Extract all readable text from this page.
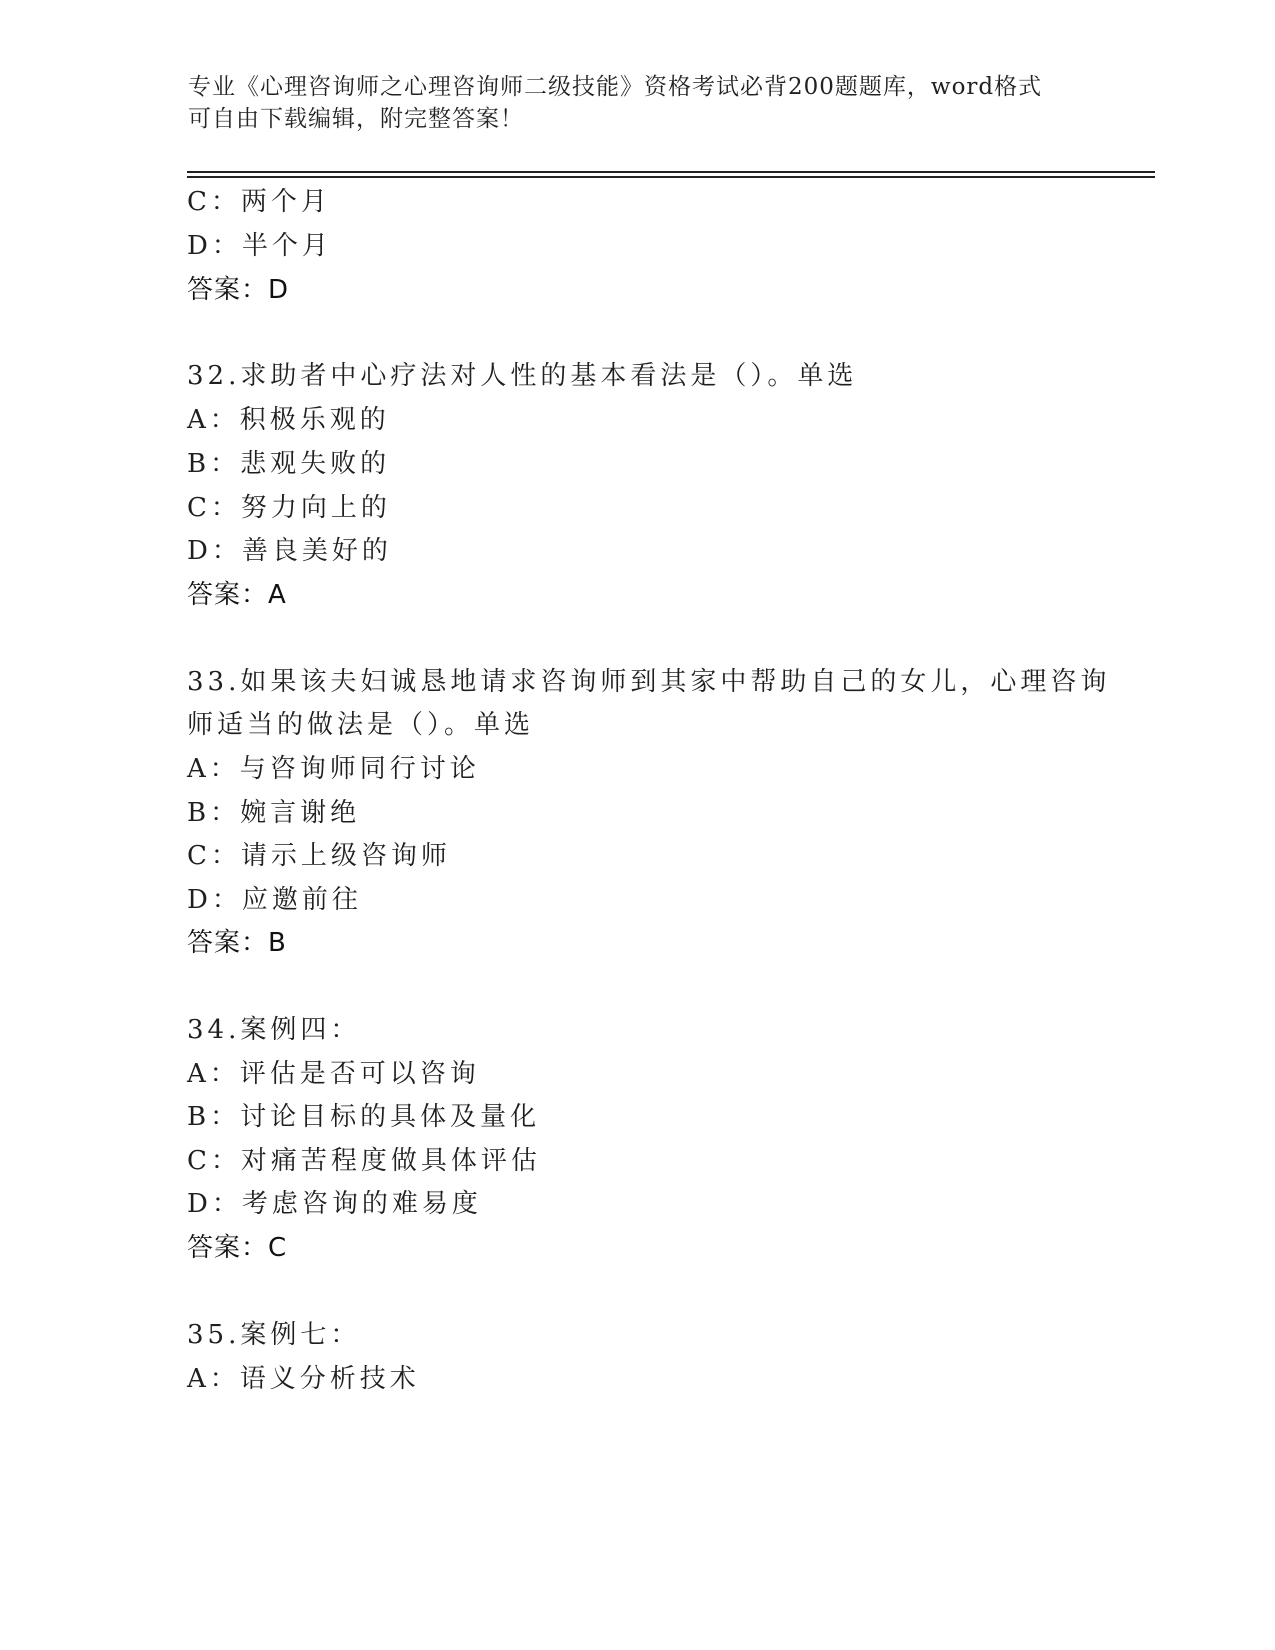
专业《心理咨询师之心理咨询师二级技能》资格考试必背200题题库，word格式
可自由下载编辑，附完整答案！
C：两个月
D：半个月
答案：D
32.求助者中心疗法对人性的基本看法是（）。单选
A：积极乐观的
B：悲观失败的
C：努力向上的
D：善良美好的
答案：A
33.如果该夫妇诚恳地请求咨询师到其家中帮助自己的女儿，心理咨询
师适当的做法是（）。单选
A：与咨询师同行讨论
B：婉言谢绝
C：请示上级咨询师
D：应邀前往
答案：B
34.案例四：
A：评估是否可以咨询
B：讨论目标的具体及量化
C：对痛苦程度做具体评估
D：考虑咨询的难易度
答案：C
35.案例七：
A：语义分析技术
